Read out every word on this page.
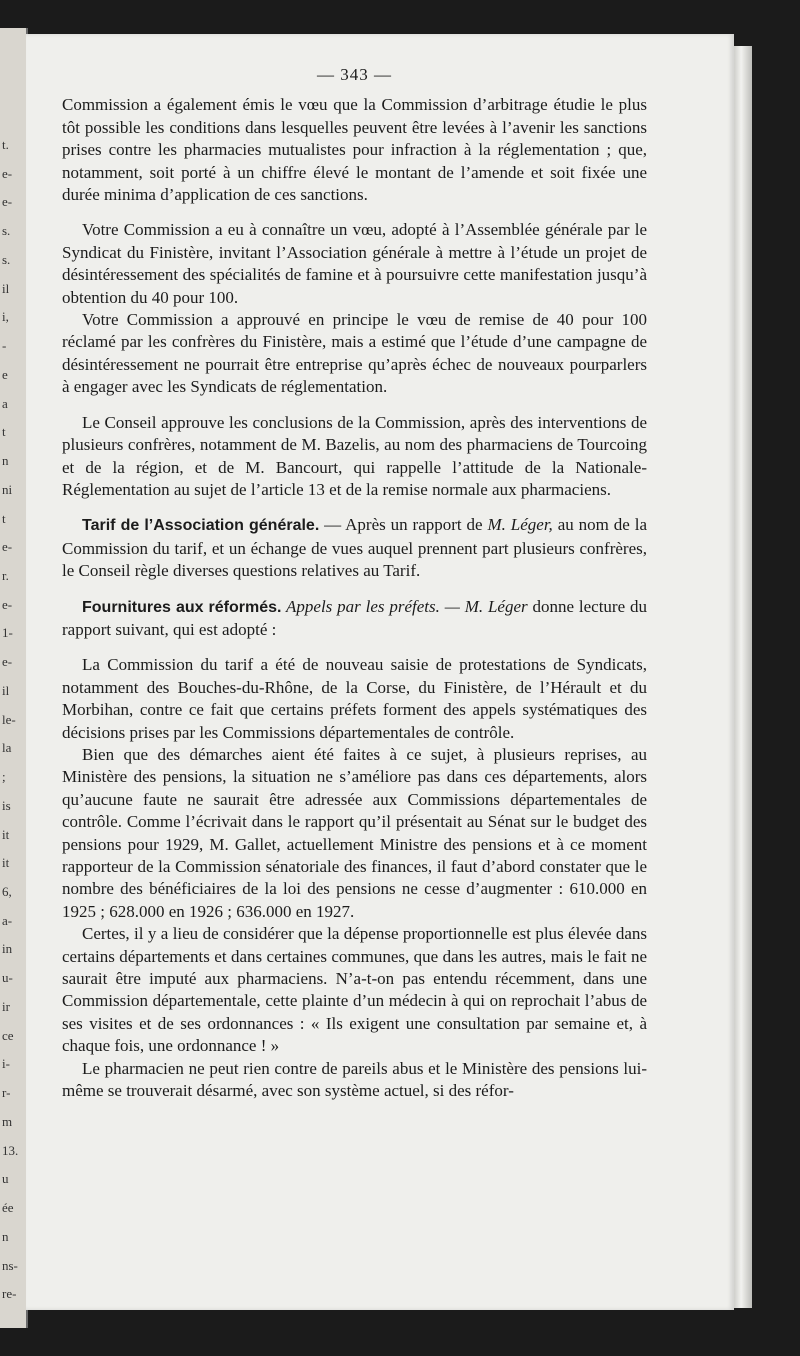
t.
e-
e-
s.
s.
il
i,
-
e
a
t
n
ni
t
e-
r.
e-
1-
e-
il
le-
la
;
is
it
it
6,
a-
in
u-
ir
ce
i-
r-
m
13.
u
ée
n
ns-
re-
— 343 —

Commission a également émis le vœu que la Commission d’arbitrage étudie le plus tôt possible les conditions dans lesquelles peuvent être levées à l’avenir les sanctions prises contre les pharmacies mutualistes pour infraction à la réglementation ; que, notamment, soit porté à un chiffre élevé le montant de l’amende et soit fixée une durée minima d’application de ces sanctions.

Votre Commission a eu à connaître un vœu, adopté à l’Assemblée générale par le Syndicat du Finistère, invitant l’Association générale à mettre à l’étude un projet de désintéressement des spécialités de famine et à poursuivre cette manifestation jusqu’à obtention du 40 pour 100.

Votre Commission a approuvé en principe le vœu de remise de 40 pour 100 réclamé par les confrères du Finistère, mais a estimé que l’étude d’une campagne de désintéressement ne pourrait être entreprise qu’après échec de nouveaux pourparlers à engager avec les Syndicats de réglementation.

Le Conseil approuve les conclusions de la Commission, après des interventions de plusieurs confrères, notamment de M. Bazelis, au nom des pharmaciens de Tourcoing et de la région, et de M. Bancourt, qui rappelle l’attitude de la Nationale-Réglementation au sujet de l’article 13 et de la remise normale aux pharmaciens.

Tarif de l’Association générale. — Après un rapport de M. Léger, au nom de la Commission du tarif, et un échange de vues auquel prennent part plusieurs confrères, le Conseil règle diverses questions relatives au Tarif.

Fournitures aux réformés. Appels par les préfets. — M. Léger donne lecture du rapport suivant, qui est adopté :

La Commission du tarif a été de nouveau saisie de protestations de Syndicats, notamment des Bouches-du-Rhône, de la Corse, du Finistère, de l’Hérault et du Morbihan, contre ce fait que certains préfets forment des appels systématiques des décisions prises par les Commissions départementales de contrôle.

Bien que des démarches aient été faites à ce sujet, à plusieurs reprises, au Ministère des pensions, la situation ne s’améliore pas dans ces départements, alors qu’aucune faute ne saurait être adressée aux Commissions départementales de contrôle. Comme l’écrivait dans le rapport qu’il présentait au Sénat sur le budget des pensions pour 1929, M. Gallet, actuellement Ministre des pensions et à ce moment rapporteur de la Commission sénatoriale des finances, il faut d’abord constater que le nombre des bénéficiaires de la loi des pensions ne cesse d’augmenter : 610.000 en 1925 ; 628.000 en 1926 ; 636.000 en 1927.

Certes, il y a lieu de considérer que la dépense proportionnelle est plus élevée dans certains départements et dans certaines communes, que dans les autres, mais le fait ne saurait être imputé aux pharmaciens. N’a-t-on pas entendu récemment, dans une Commission départementale, cette plainte d’un médecin à qui on reprochait l’abus de ses visites et de ses ordonnances : « Ils exigent une consultation par semaine et, à chaque fois, une ordonnance ! »

Le pharmacien ne peut rien contre de pareils abus et le Ministère des pensions lui-même se trouverait désarmé, avec son système actuel, si des réfor-
